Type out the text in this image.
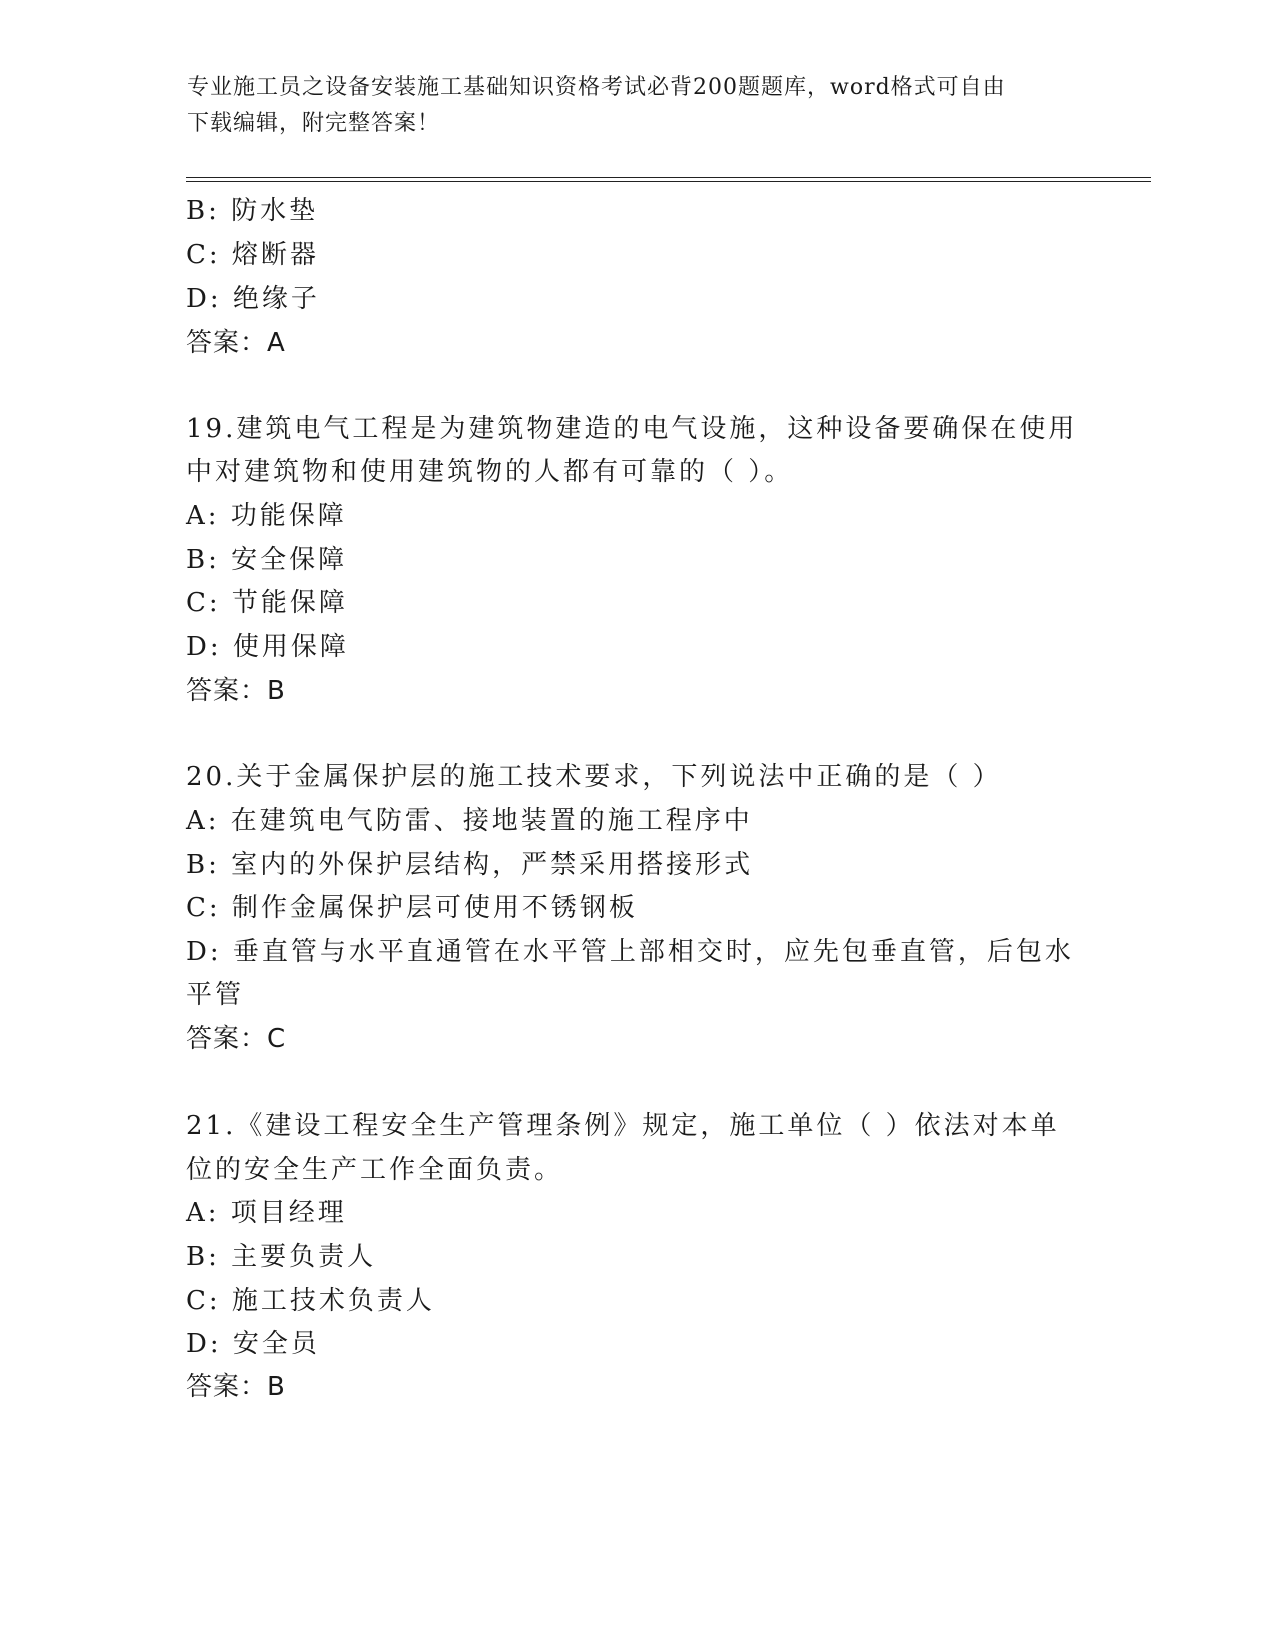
专业施工员之设备安装施工基础知识资格考试必背200题题库，word格式可自由
下载编辑，附完整答案！
B: 防水垫
C: 熔断器
D: 绝缘子
答案：A
19.建筑电气工程是为建筑物建造的电气设施，这种设备要确保在使用
中对建筑物和使用建筑物的人都有可靠的（ ）。
A: 功能保障
B: 安全保障
C: 节能保障
D: 使用保障
答案：B
20.关于金属保护层的施工技术要求，下列说法中正确的是（ ）
A: 在建筑电气防雷、接地装置的施工程序中
B: 室内的外保护层结构，严禁采用搭接形式
C: 制作金属保护层可使用不锈钢板
D: 垂直管与水平直通管在水平管上部相交时，应先包垂直管，后包水
平管
答案：C
21.《建设工程安全生产管理条例》规定，施工单位（ ）依法对本单
位的安全生产工作全面负责。
A: 项目经理
B: 主要负责人
C: 施工技术负责人
D: 安全员
答案：B
